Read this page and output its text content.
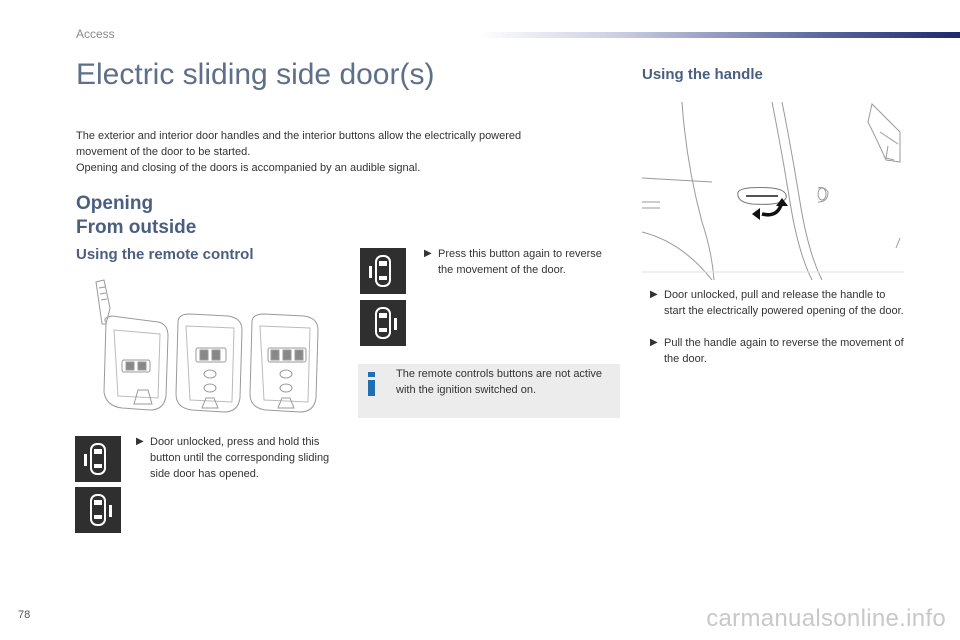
Access
Electric sliding side door(s)

The exterior and interior door handles and the interior buttons allow the electrically powered
movement of the door to be started.
Opening and closing of the doors is accompanied by an audible signal.

Opening
From outside
Using the remote control
▶ Door unlocked, press and hold this button until the corresponding sliding side door has opened.
▶ Press this button again to reverse the movement of the door.
The remote controls buttons are not active with the ignition switched on.
Using the handle
▶ Door unlocked, pull and release the handle to start the electrically powered opening of the door.
▶ Pull the handle again to reverse the movement of the door.
78	carmanualsonline.info
